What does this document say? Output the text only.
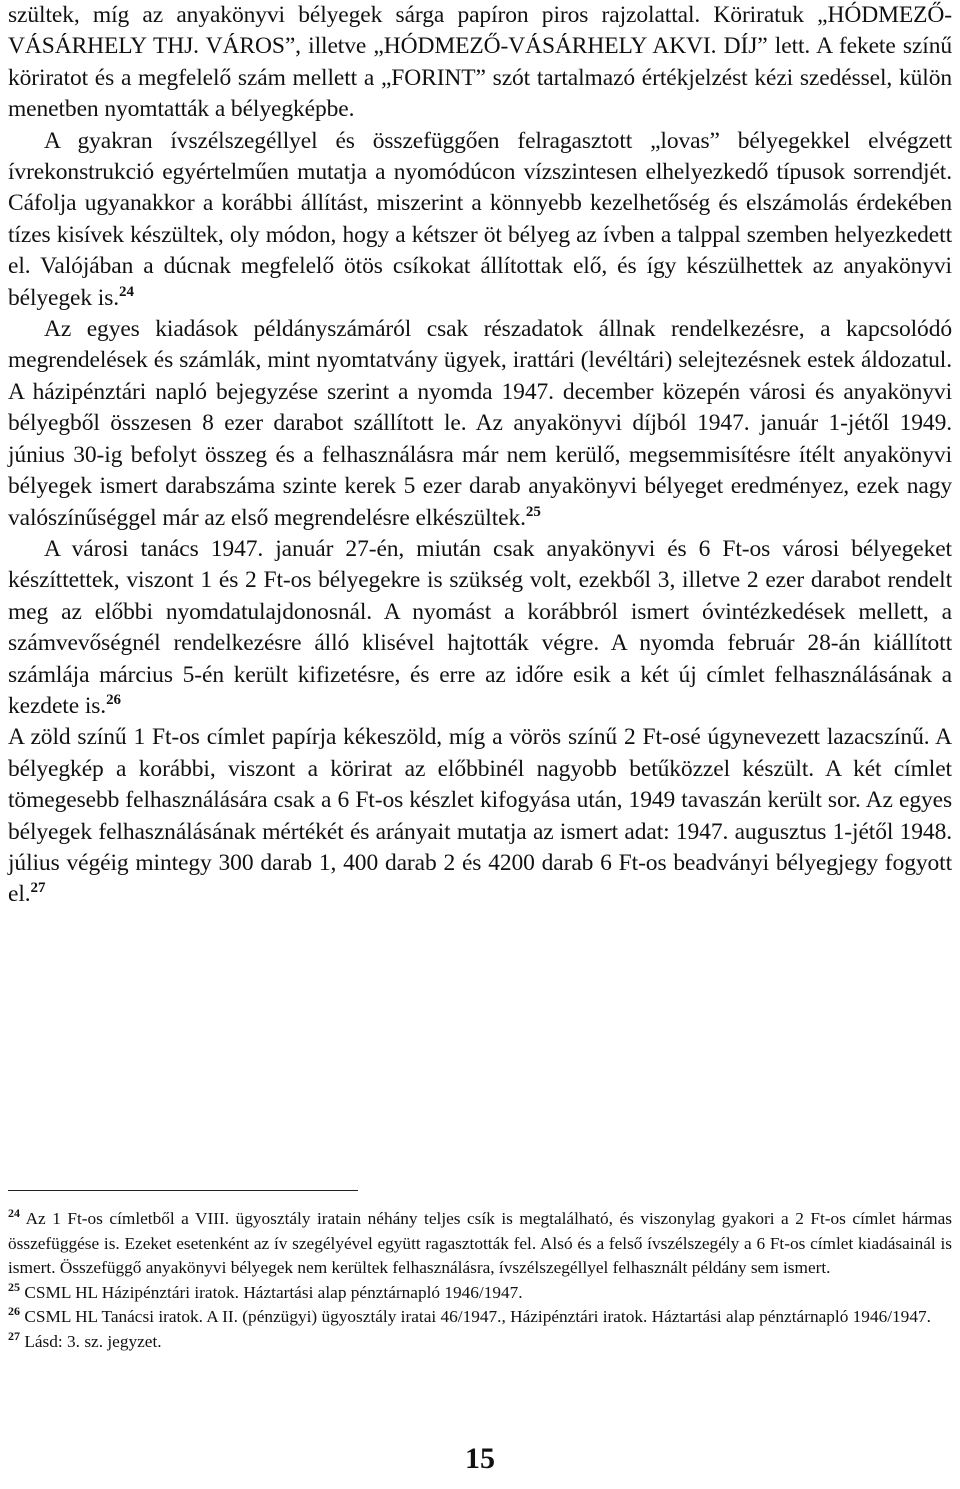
szültek, míg az anyakönyvi bélyegek sárga papíron piros rajzolattal. Köriratuk „HÓDMEZŐ-VÁSÁRHELY THJ. VÁROS”, illetve „HÓDMEZŐ-VÁSÁRHELY AKVI. DÍJ” lett. A fekete színű köriratot és a megfelelő szám mellett a „FORINT” szót tartalmazó értékjelzést kézi szedéssel, külön menetben nyomtatták a bélyegképbe.

A gyakran ívszélszegéllyel és összefüggően felragasztott „lovas” bélyegekkel elvégzett ívrekonstrukció egyértelműen mutatja a nyomódúcon vízszintesen elhelyezkedő típusok sorrendjét. Cáfolja ugyanakkor a korábbi állítást, miszerint a könnyebb kezelhetőség és elszámolás érdekében tízes kisívek készültek, oly módon, hogy a kétszer öt bélyeg az ívben a talppal szemben helyezkedett el. Valójában a dúcnak megfelelő ötös csíkokat állítottak elő, és így készülhettek az anyakönyvi bélyegek is.$^{24}$

Az egyes kiadások példányszámáról csak részadatok állnak rendelkezésre, a kapcsolódó megrendelések és számlák, mint nyomtatvány ügyek, irattári (levéltári) selejtezésnek estek áldozatul. A házipénztári napló bejegyzése szerint a nyomda 1947. december közepén városi és anyakönyvi bélyegből összesen 8 ezer darabot szállított le. Az anyakönyvi díjból 1947. január 1-jétől 1949. június 30-ig befolyt összeg és a felhasználásra már nem kerülő, megsemmisítésre ítélt anyakönyvi bélyegek ismert darabszáma szinte kerek 5 ezer darab anyakönyvi bélyeget eredményez, ezek nagy valószínűséggel már az első megrendelésre elkészültek.$^{25}$

A városi tanács 1947. január 27-én, miután csak anyakönyvi és 6 Ft-os városi bélyegeket készíttettek, viszont 1 és 2 Ft-os bélyegekre is szükség volt, ezekből 3, illetve 2 ezer darabot rendelt meg az előbbi nyomdatulajdonosnál. A nyomást a korábbról ismert óvintézkedések mellett, a számvevőségnél rendelkezésre álló klisével hajtották végre. A nyomda február 28-án kiállított számlája március 5-én került kifizetésre, és erre az időre esik a két új címlet felhasználásának a kezdete is.$^{26}$

A zöld színű 1 Ft-os címlet papírja kékeszöld, míg a vörös színű 2 Ft-osé úgynevezett lazacszínű. A bélyegkép a korábbi, viszont a körirat az előbbinél nagyobb betűközzel készült. A két címlet tömegesebb felhasználására csak a 6 Ft-os készlet kifogyása után, 1949 tavaszán került sor. Az egyes bélyegek felhasználásának mértékét és arányait mutatja az ismert adat: 1947. augusztus 1-jétől 1948. július végéig mintegy 300 darab 1, 400 darab 2 és 4200 darab 6 Ft-os beadványi bélyegjegy fogyott el.$^{27}$

$^{24}$ Az 1 Ft-os címletből a VIII. ügyosztály iratain néhány teljes csík is megtalálható, és viszonylag gyakori a 2 Ft-os címlet hármas összefüggése is. Ezeket esetenként az ív szegélyével együtt ragasztották fel. Alsó és a felső ívszélszegély a 6 Ft-os címlet kiadásainál is ismert. Összefüggő anyakönyvi bélyegek nem kerültek felhasználásra, ívszélszegéllyel felhasznált példány sem ismert.

$^{25}$ CSML HL Házipénztári iratok. Háztartási alap pénztárnapló 1946/1947.

$^{26}$ CSML HL Tanácsi iratok. A II. (pénzügyi) ügyosztály iratai 46/1947., Házipénztári iratok. Háztartási alap pénztárnapló 1946/1947.

$^{27}$ Lásd: 3. sz. jegyzet.

15
